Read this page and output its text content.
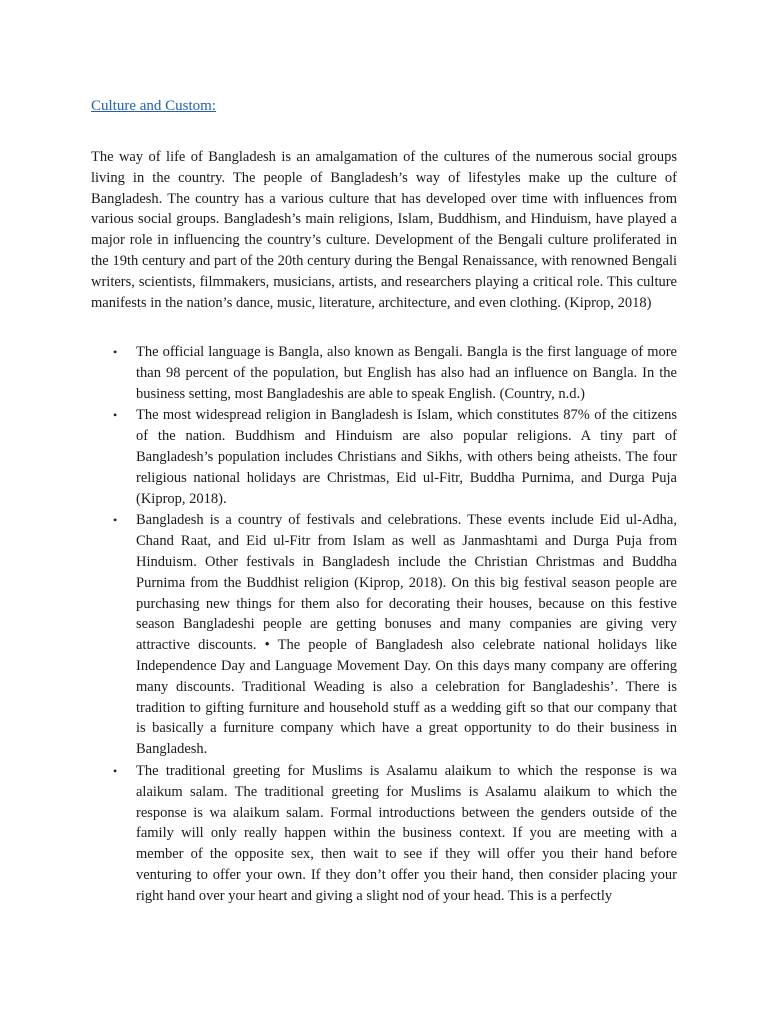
Culture and Custom:

The way of life of Bangladesh is an amalgamation of the cultures of the numerous social groups living in the country. The people of Bangladesh’s way of lifestyles make up the culture of Bangladesh. The country has a various culture that has developed over time with influences from various social groups. Bangladesh’s main religions, Islam, Buddhism, and Hinduism, have played a major role in influencing the country’s culture. Development of the Bengali culture proliferated in the 19th century and part of the 20th century during the Bengal Renaissance, with renowned Bengali writers, scientists, filmmakers, musicians, artists, and researchers playing a critical role. This culture manifests in the nation’s dance, music, literature, architecture, and even clothing. (Kiprop, 2018)

• The official language is Bangla, also known as Bengali. Bangla is the first language of more than 98 percent of the population, but English has also had an influence on Bangla. In the business setting, most Bangladeshis are able to speak English. (Country, n.d.)
• The most widespread religion in Bangladesh is Islam, which constitutes 87% of the citizens of the nation. Buddhism and Hinduism are also popular religions. A tiny part of Bangladesh’s population includes Christians and Sikhs, with others being atheists. The four religious national holidays are Christmas, Eid ul-Fitr, Buddha Purnima, and Durga Puja (Kiprop, 2018).
• Bangladesh is a country of festivals and celebrations. These events include Eid ul-Adha, Chand Raat, and Eid ul-Fitr from Islam as well as Janmashtami and Durga Puja from Hinduism. Other festivals in Bangladesh include the Christian Christmas and Buddha Purnima from the Buddhist religion (Kiprop, 2018). On this big festival season people are purchasing new things for them also for decorating their houses, because on this festive season Bangladeshi people are getting bonuses and many companies are giving very attractive discounts. • The people of Bangladesh also celebrate national holidays like Independence Day and Language Movement Day. On this days many company are offering many discounts. Traditional Weading is also a celebration for Bangladeshis’. There is tradition to gifting furniture and household stuff as a wedding gift so that our company that is basically a furniture company which have a great opportunity to do their business in Bangladesh.
• The traditional greeting for Muslims is Asalamu alaikum to which the response is wa alaikum salam. The traditional greeting for Muslims is Asalamu alaikum to which the response is wa alaikum salam. Formal introductions between the genders outside of the family will only really happen within the business context. If you are meeting with a member of the opposite sex, then wait to see if they will offer you their hand before venturing to offer your own. If they don’t offer you their hand, then consider placing your right hand over your heart and giving a slight nod of your head. This is a perfectly
